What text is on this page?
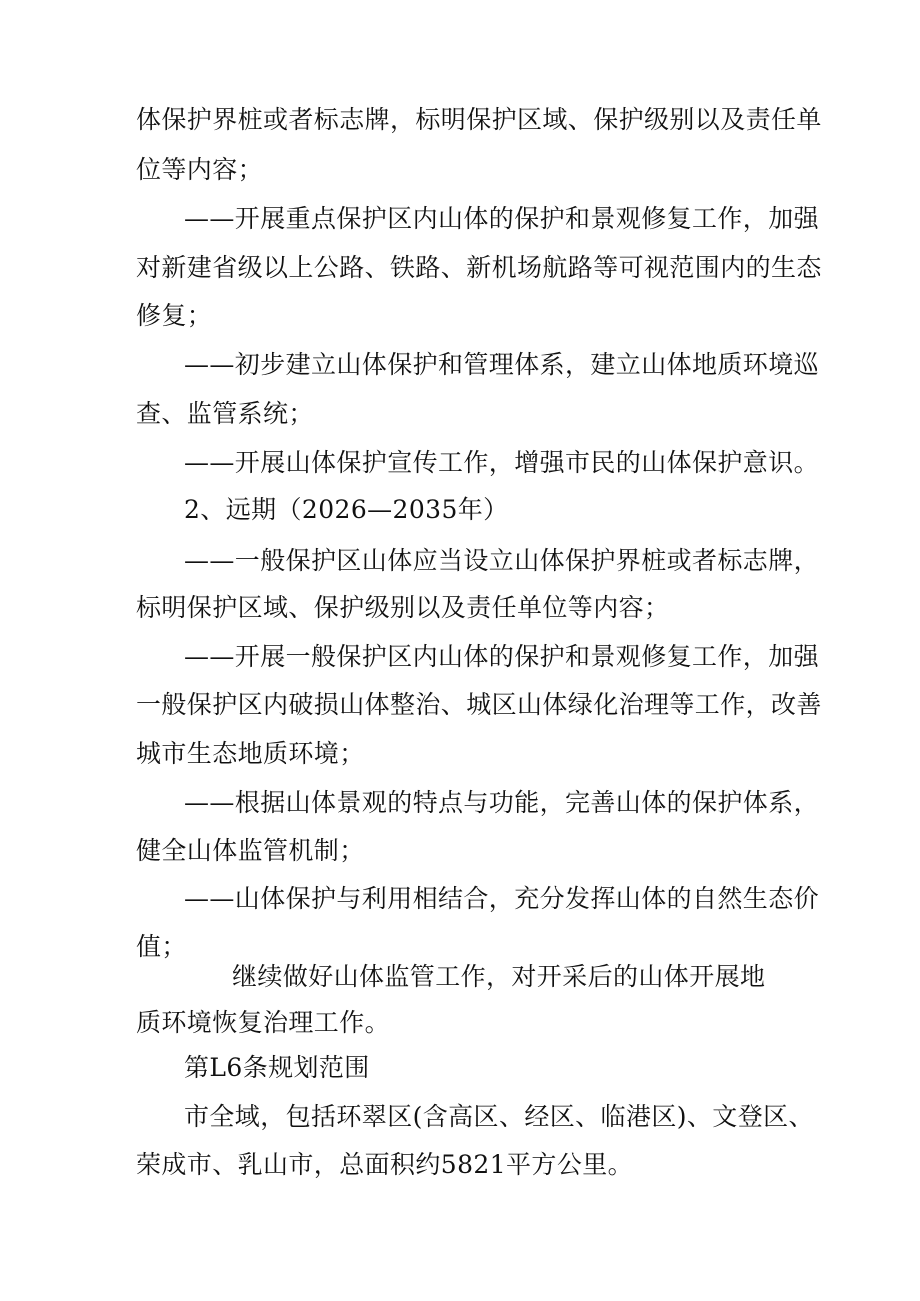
体保护界桩或者标志牌，标明保护区域、保护级别以及责任单
位等内容；
——开展重点保护区内山体的保护和景观修复工作，加强
对新建省级以上公路、铁路、新机场航路等可视范围内的生态
修复；
——初步建立山体保护和管理体系，建立山体地质环境巡
查、监管系统；
——开展山体保护宣传工作，增强市民的山体保护意识。
2、远期（2026—2035年）
——一般保护区山体应当设立山体保护界桩或者标志牌，
标明保护区域、保护级别以及责任单位等内容；
——开展一般保护区内山体的保护和景观修复工作，加强
一般保护区内破损山体整治、城区山体绿化治理等工作，改善
城市生态地质环境；
——根据山体景观的特点与功能，完善山体的保护体系，
健全山体监管机制；
——山体保护与利用相结合，充分发挥山体的自然生态价
值；
继续做好山体监管工作，对开采后的山体开展地
质环境恢复治理工作。
第L6条规划范围
市全域，包括环翠区(含高区、经区、临港区)、文登区、
荣成市、乳山市，总面积约5821平方公里。
